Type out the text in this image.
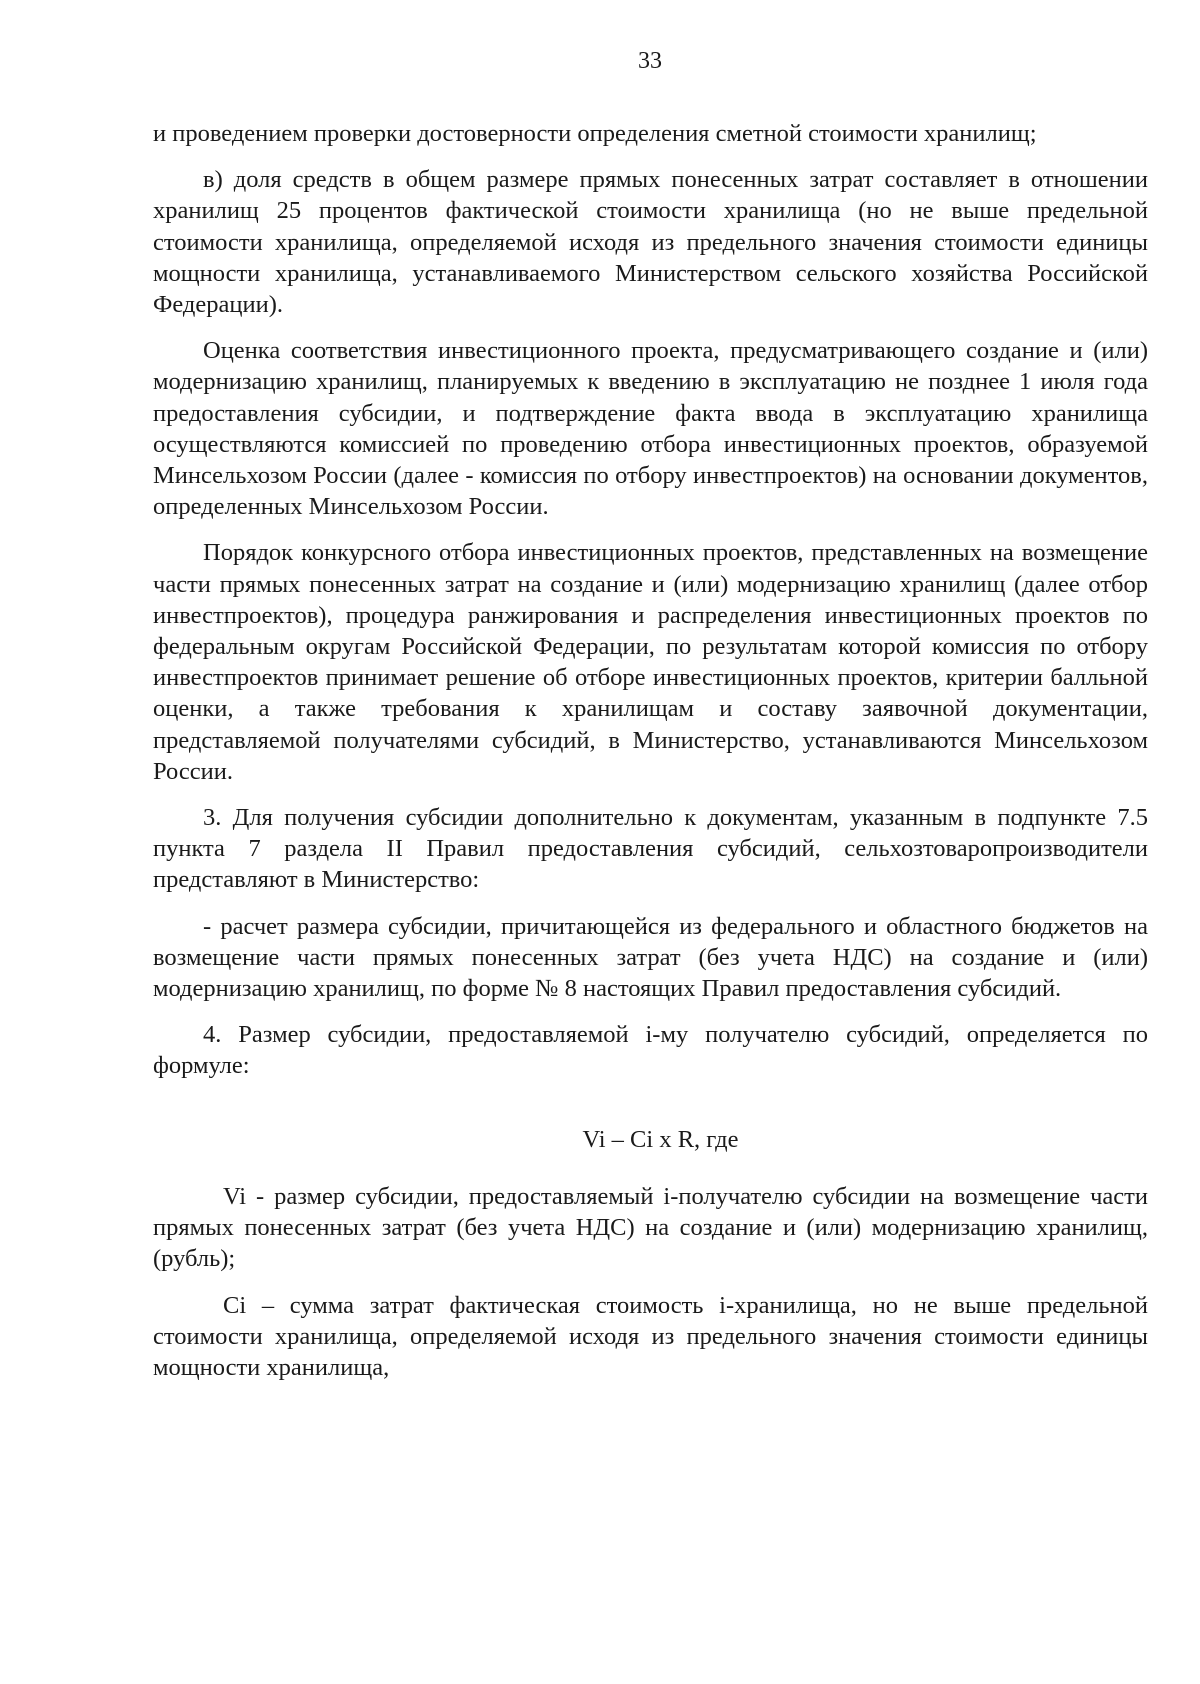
33

и проведением проверки достоверности определения сметной стоимости хранилищ;

в) доля средств в общем размере прямых понесенных затрат составляет в отношении хранилищ 25 процентов фактической стоимости хранилища (но не выше предельной стоимости хранилища, определяемой исходя из предельного значения стоимости единицы мощности хранилища, устанавливаемого Министерством сельского хозяйства Российской Федерации).

Оценка соответствия инвестиционного проекта, предусматривающего создание и (или) модернизацию хранилищ, планируемых к введению в эксплуатацию не позднее 1 июля года предоставления субсидии, и подтверждение факта ввода в эксплуатацию хранилища осуществляются комиссией по проведению отбора инвестиционных проектов, образуемой Минсельхозом России (далее - комиссия по отбору инвестпроектов) на основании документов, определенных Минсельхозом России.

Порядок конкурсного отбора инвестиционных проектов, представленных на возмещение части прямых понесенных затрат на создание и (или) модернизацию хранилищ (далее отбор инвестпроектов), процедура ранжирования и распределения инвестиционных проектов по федеральным округам Российской Федерации, по результатам которой комиссия по отбору инвестпроектов принимает решение об отборе инвестиционных проектов, критерии балльной оценки, а также требования к хранилищам и составу заявочной документации, представляемой получателями субсидий, в Министерство, устанавливаются Минсельхозом России.

3. Для получения субсидии дополнительно к документам, указанным в подпункте 7.5 пункта 7 раздела II Правил предоставления субсидий, сельхозтоваропроизводители представляют в Министерство:

- расчет размера субсидии, причитающейся из федерального и областного бюджетов на возмещение части прямых понесенных затрат (без учета НДС) на создание и (или) модернизацию хранилищ, по форме № 8 настоящих Правил предоставления субсидий.

4. Размер субсидии, предоставляемой i-му получателю субсидий, определяется по формуле:

Vi – Ci x R, где

Vi - размер субсидии, предоставляемый i-получателю субсидии на возмещение части прямых понесенных затрат (без учета НДС) на создание и (или) модернизацию хранилищ, (рубль);

Ci – сумма затрат фактическая стоимость i-хранилища, но не выше предельной стоимости хранилища, определяемой исходя из предельного значения стоимости единицы мощности хранилища,
